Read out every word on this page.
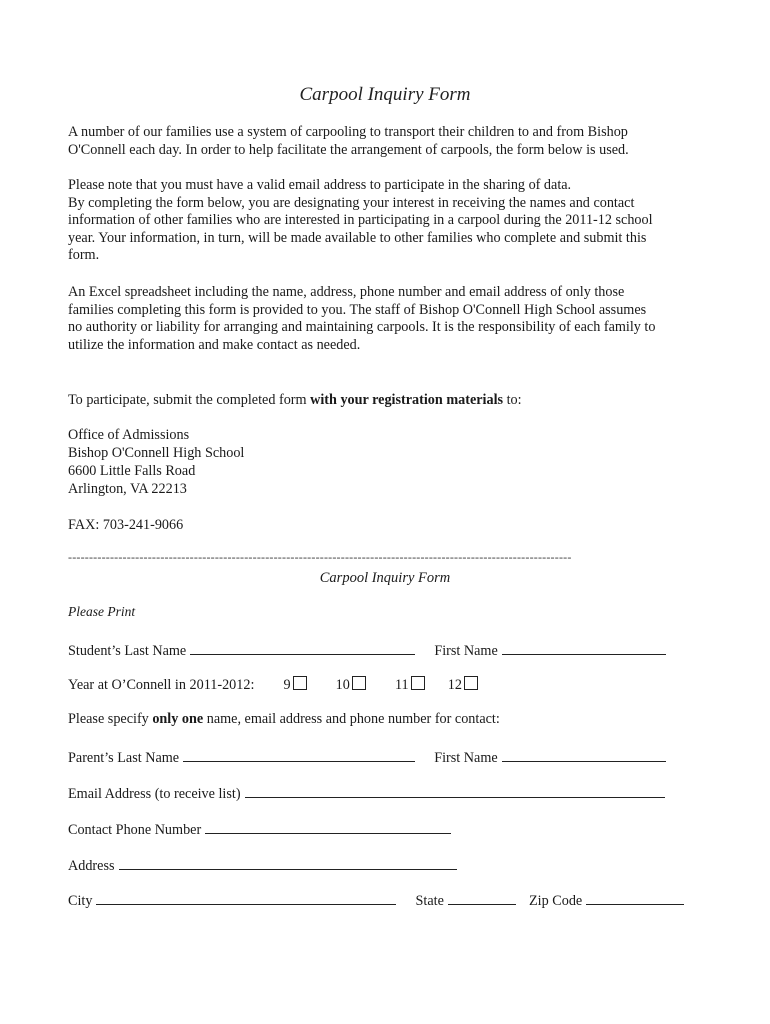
Carpool Inquiry Form

A number of our families use a system of carpooling to transport their children to and from Bishop
O'Connell each day. In order to help facilitate the arrangement of carpools, the form below is used.

Please note that you must have a valid email address to participate in the sharing of data.
By completing the form below, you are designating your interest in receiving the names and contact
information of other families who are interested in participating in a carpool during the 2011-12 school
year. Your information, in turn, will be made available to other families who complete and submit this
form.

An Excel spreadsheet including the name, address, phone number and email address of only those
families completing this form is provided to you. The staff of Bishop O'Connell High School assumes
no authority or liability for arranging and maintaining carpools. It is the responsibility of each family to
utilize the information and make contact as needed.

To participate, submit the completed form with your registration materials to:

Office of Admissions
Bishop O'Connell High School
6600 Little Falls Road
Arlington, VA 22213
FAX: 703-241-9066
------------------------------------------------------------------------------------------------------------------------
Carpool Inquiry Form
Please Print
Student’s Last Name	First Name
Year at O’Connell in 2011-2012: 9	10	11	12
Please specify only one name, email address and phone number for contact:
Parent’s Last Name	First Name
Email Address (to receive list)
Contact Phone Number
Address
City	State	Zip Code
